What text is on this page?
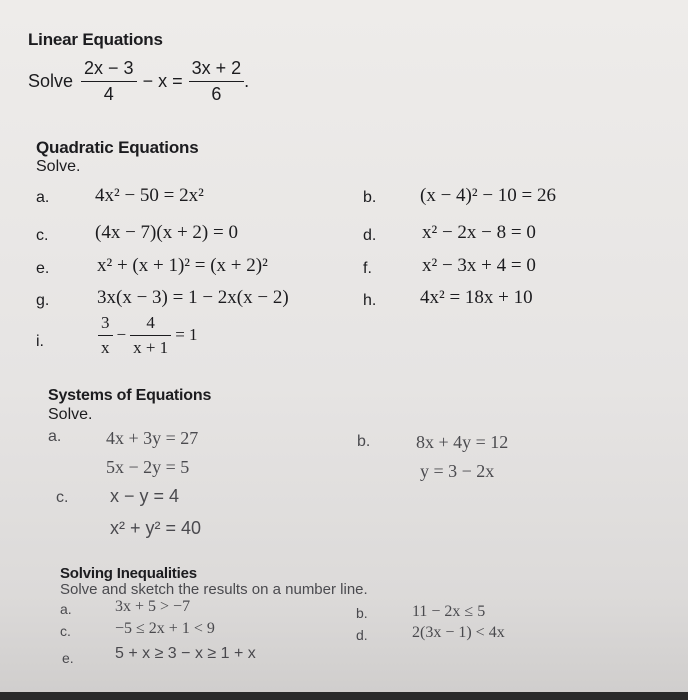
Linear Equations
Solve $\frac{2x - 3}{4} - x = \frac{3x + 2}{6}$ .
Quadratic Equations
Solve.
a. 4x² − 50 = 2x²	b. (x − 4)² − 10 = 26
c. (4x − 7)(x + 2) = 0	d. x² − 2x − 8 = 0
e.	x² + (x + 1)² = (x + 2)²	f.	x² − 3x + 4 = 0
g.	3x(x − 3) = 1 − 2x(x − 2)	h. 4x² = 18x + 10
i.	$\frac{3}{x} - \frac{4}{x + 1} = 1$
Systems of Equations
Solve.
a. 4x + 3y = 27
5x − 2y = 5
b.	8x + 4y = 12
y = 3 − 2x
c. x − y = 4
x² + y² = 40
Solving Inequalities
Solve and sketch the results on a number line.
a.	3x + 5 > −7	b.	11 − 2x ≤ 5
c.	−5 ≤ 2x + 1 < 9	d.	2(3x − 1) < 4x
e.	5 + x ≥ 3 − x ≥ 1 + x
